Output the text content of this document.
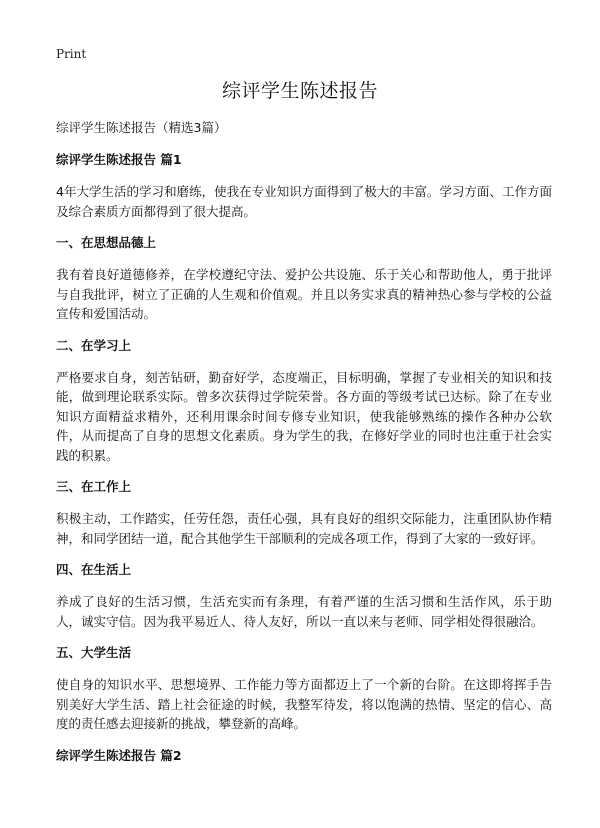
Print
综评学生陈述报告

综评学生陈述报告（精选3篇）

综评学生陈述报告 篇1

4年大学生活的学习和磨练，使我在专业知识方面得到了极大的丰富。学习方面、工作方面及综合素质方面都得到了很大提高。

一、在思想品德上

我有着良好道德修养，在学校遵纪守法、爱护公共设施、乐于关心和帮助他人，勇于批评与自我批评，树立了正确的人生观和价值观。并且以务实求真的精神热心参与学校的公益宣传和爱国活动。

二、在学习上

严格要求自身，刻苦钻研，勤奋好学，态度端正，目标明确，掌握了专业相关的知识和技能，做到理论联系实际。曾多次获得过学院荣誉。各方面的等级考试已达标。除了在专业知识方面精益求精外，还利用课余时间专修专业知识，使我能够熟练的操作各种办公软件，从而提高了自身的思想文化素质。身为学生的我，在修好学业的同时也注重于社会实践的积累。

三、在工作上

积极主动，工作踏实，任劳任怨，责任心强，具有良好的组织交际能力，注重团队协作精神，和同学团结一道，配合其他学生干部顺利的完成各项工作，得到了大家的一致好评。

四、在生活上

养成了良好的生活习惯，生活充实而有条理，有着严谨的生活习惯和生活作风，乐于助人，诚实守信。因为我平易近人、待人友好，所以一直以来与老师、同学相处得很融洽。

五、大学生活

使自身的知识水平、思想境界、工作能力等方面都迈上了一个新的台阶。在这即将挥手告别美好大学生活、踏上社会征途的时候，我整军待发，将以饱满的热情、坚定的信心、高度的责任感去迎接新的挑战，攀登新的高峰。

综评学生陈述报告 篇2
